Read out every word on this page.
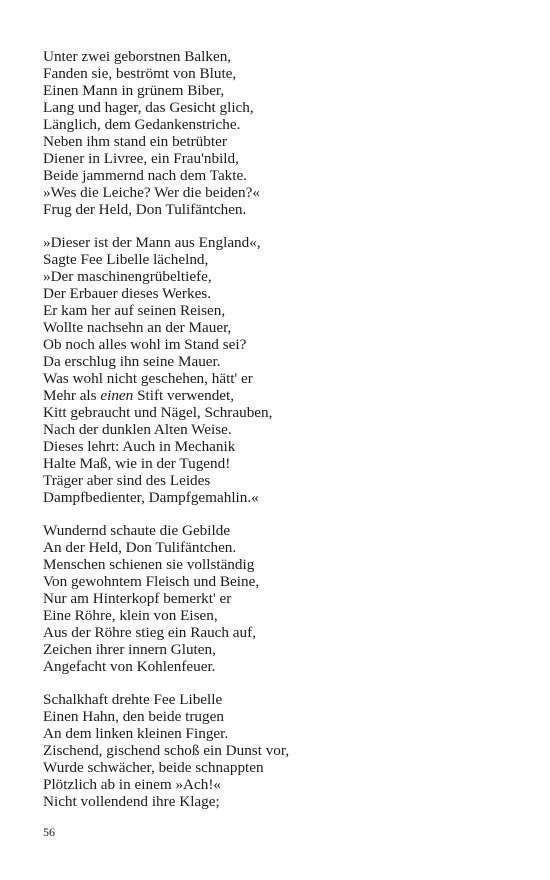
Unter zwei geborstnen Balken,
Fanden sie, beströmt von Blute,
Einen Mann in grünem Biber,
Lang und hager, das Gesicht glich,
Länglich, dem Gedankenstriche.
Neben ihm stand ein betrübter
Diener in Livree, ein Frau'nbild,
Beide jammernd nach dem Takte.
»Wes die Leiche? Wer die beiden?«
Frug der Held, Don Tulifäntchen.
»Dieser ist der Mann aus England«,
Sagte Fee Libelle lächelnd,
»Der maschinengrübeltiefe,
Der Erbauer dieses Werkes.
Er kam her auf seinen Reisen,
Wollte nachsehn an der Mauer,
Ob noch alles wohl im Stand sei?
Da erschlug ihn seine Mauer.
Was wohl nicht geschehen, hätt' er
Mehr als einen Stift verwendet,
Kitt gebraucht und Nägel, Schrauben,
Nach der dunklen Alten Weise.
Dieses lehrt: Auch in Mechanik
Halte Maß, wie in der Tugend!
Träger aber sind des Leides
Dampfbedienter, Dampfgemahlin.«
Wundernd schaute die Gebilde
An der Held, Don Tulifäntchen.
Menschen schienen sie vollständig
Von gewohntem Fleisch und Beine,
Nur am Hinterkopf bemerkt' er
Eine Röhre, klein von Eisen,
Aus der Röhre stieg ein Rauch auf,
Zeichen ihrer innern Gluten,
Angefacht von Kohlenfeuer.
Schalkhaft drehte Fee Libelle
Einen Hahn, den beide trugen
An dem linken kleinen Finger.
Zischend, gischend schoß ein Dunst vor,
Wurde schwächer, beide schnappten
Plötzlich ab in einem »Ach!«
Nicht vollendend ihre Klage;
56
